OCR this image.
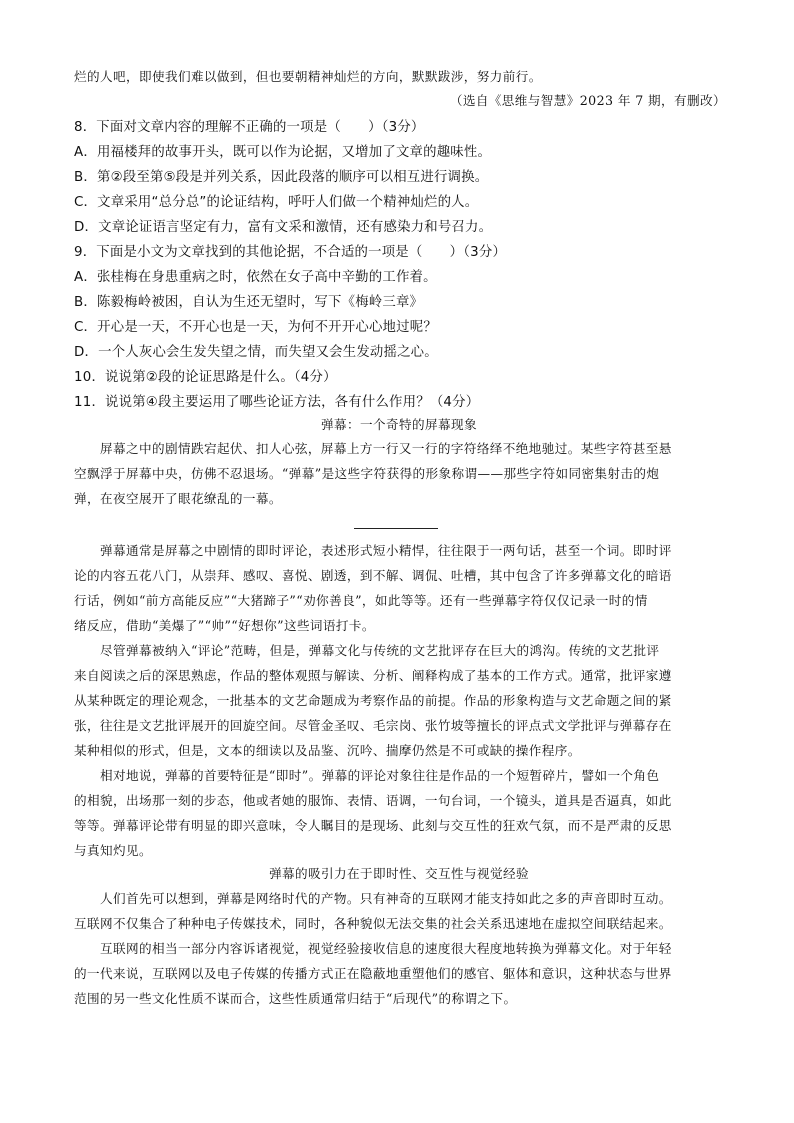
烂的人吧，即使我们难以做到，但也要朝精神灿烂的方向，默默跋涉，努力前行。
（选自《思维与智慧》2023 年 7 期，有删改）
8．下面对文章内容的理解不正确的一项是（　　）（3分）
A．用福楼拜的故事开头，既可以作为论据，又增加了文章的趣味性。
B．第②段至第⑤段是并列关系，因此段落的顺序可以相互进行调换。
C．文章采用“总分总”的论证结构，呼吁人们做一个精神灿烂的人。
D．文章论证语言坚定有力，富有文采和激情，还有感染力和号召力。
9．下面是小文为文章找到的其他论据，不合适的一项是（　　）（3分）
A．张桂梅在身患重病之时，依然在女子高中辛勤的工作着。
B．陈毅梅岭被困，自认为生还无望时，写下《梅岭三章》
C．开心是一天，不开心也是一天，为何不开开心心地过呢？
D．一个人灰心会生发失望之情，而失望又会生发动摇之心。
10．说说第②段的论证思路是什么。（4分）
11．说说第④段主要运用了哪些论证方法，各有什么作用？（4分）
弹幕：一个奇特的屏幕现象
屏幕之中的剧情跌宕起伏、扣人心弦，屏幕上方一行又一行的字符络绎不绝地驰过。某些字符甚至悬
空飘浮于屏幕中央，仿佛不忍退场。“弹幕”是这些字符获得的形象称谓——那些字符如同密集射击的炮
弹，在夜空展开了眼花缭乱的一幕。
弹幕通常是屏幕之中剧情的即时评论，表述形式短小精悍，往往限于一两句话，甚至一个词。即时评
论的内容五花八门，从崇拜、感叹、喜悦、剧透，到不解、调侃、吐槽，其中包含了许多弹幕文化的暗语
行话，例如“前方高能反应”“大猪蹄子”“劝你善良”，如此等等。还有一些弹幕字符仅仅记录一时的情
绪反应，借助“美爆了”“帅”“好想你”这些词语打卡。
尽管弹幕被纳入“评论”范畴，但是，弹幕文化与传统的文艺批评存在巨大的鸿沟。传统的文艺批评
来自阅读之后的深思熟虑，作品的整体观照与解读、分析、阐释构成了基本的工作方式。通常，批评家遵
从某种既定的理论观念，一批基本的文艺命题成为考察作品的前提。作品的形象构造与文艺命题之间的紧
张，往往是文艺批评展开的回旋空间。尽管金圣叹、毛宗岗、张竹坡等擅长的评点式文学批评与弹幕存在
某种相似的形式，但是，文本的细读以及品鉴、沉吟、揣摩仍然是不可或缺的操作程序。
相对地说，弹幕的首要特征是“即时”。弹幕的评论对象往往是作品的一个短暂碎片，譬如一个角色
的相貌，出场那一刻的步态，他或者她的服饰、表情、语调，一句台词，一个镜头，道具是否逼真，如此
等等。弹幕评论带有明显的即兴意味，令人瞩目的是现场、此刻与交互性的狂欢气氛，而不是严肃的反思
与真知灼见。
弹幕的吸引力在于即时性、交互性与视觉经验
人们首先可以想到，弹幕是网络时代的产物。只有神奇的互联网才能支持如此之多的声音即时互动。
互联网不仅集合了种种电子传媒技术，同时，各种貌似无法交集的社会关系迅速地在虚拟空间联结起来。
互联网的相当一部分内容诉诸视觉，视觉经验接收信息的速度很大程度地转换为弹幕文化。对于年轻
的一代来说，互联网以及电子传媒的传播方式正在隐蔽地重塑他们的感官、躯体和意识，这种状态与世界
范围的另一些文化性质不谋而合，这些性质通常归结于“后现代”的称谓之下。
